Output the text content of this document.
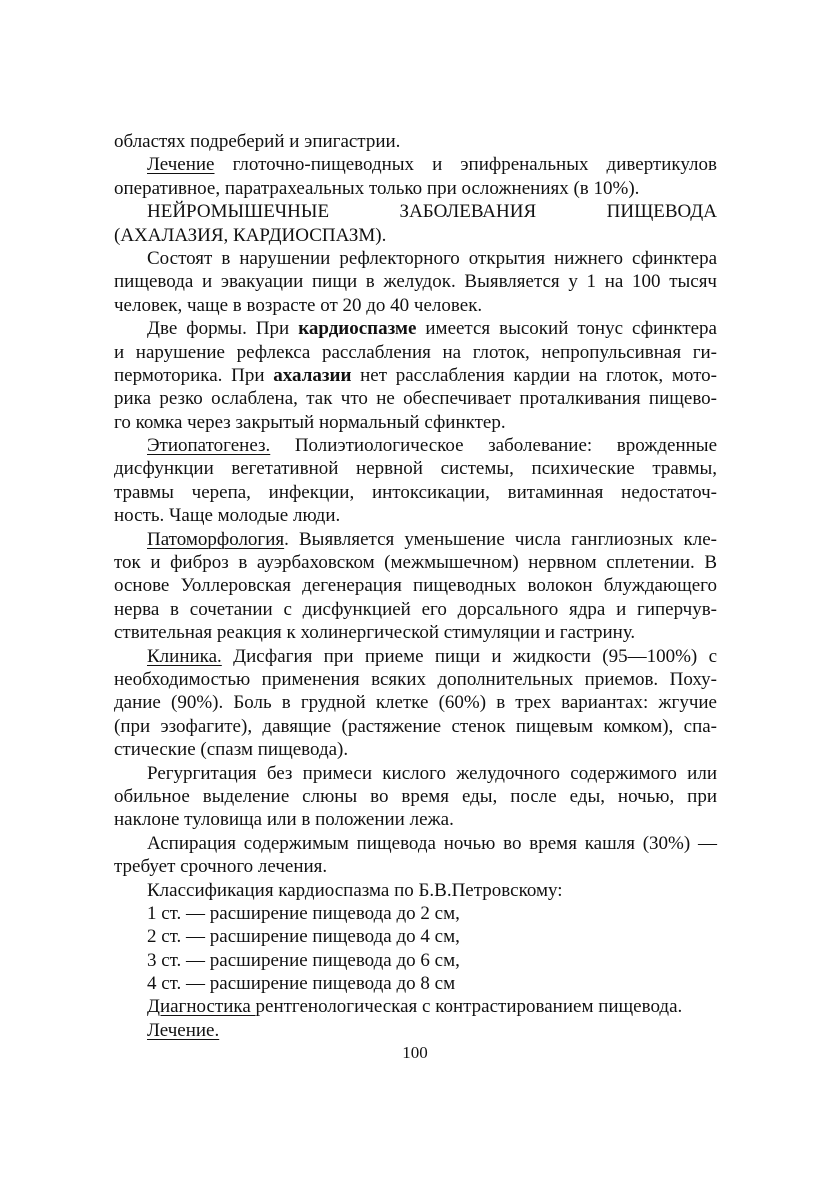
областях подреберий и эпигастрии.
Лечение глоточно-пищеводных и эпифренальных дивертикулов
оперативное, паратрахеальных только при осложнениях (в 10%).
НЕЙРОМЫШЕЧНЫЕ	ЗАБОЛЕВАНИЯ	ПИЩЕВОДА
(АХАЛАЗИЯ, КАРДИОСПАЗМ).
Состоят в нарушении рефлекторного открытия нижнего сфинктера
пищевода и эвакуации пищи в желудок. Выявляется у 1 на 100 тысяч
человек, чаще в возрасте от 20 до 40 человек.
Две формы. При кардиоспазме имеется высокий тонус сфинктера
и нарушение рефлекса расслабления на глоток, непропульсивная ги-
пермоторика. При ахалазии нет расслабления кардии на глоток, мото-
рика резко ослаблена, так что не обеспечивает проталкивания пищево-
го комка через закрытый нормальный сфинктер.
Этиопатогенез. Полиэтиологическое заболевание: врожденные
дисфункции вегетативной нервной системы, психические травмы,
травмы черепа, инфекции, интоксикации, витаминная недостаточ-
ность. Чаще молодые люди.
Патоморфология. Выявляется уменьшение числа ганглиозных кле-
ток и фиброз в ауэрбаховском (межмышечном) нервном сплетении. В
основе Уоллеровская дегенерация пищеводных волокон блуждающего
нерва в сочетании с дисфункцией его дорсального ядра и гиперчув-
ствительная реакция к холинергической стимуляции и гастрину.
Клиника. Дисфагия при приеме пищи и жидкости (95—100%) с
необходимостью применения всяких дополнительных приемов. Поху-
дание (90%). Боль в грудной клетке (60%) в трех вариантах: жгучие
(при эзофагите), давящие (растяжение стенок пищевым комком), спа-
стические (спазм пищевода).
Регургитация без примеси кислого желудочного содержимого или
обильное выделение слюны во время еды, после еды, ночью, при
наклоне туловища или в положении лежа.
Аспирация содержимым пищевода ночью во время кашля (30%) —
требует срочного лечения.
Классификация кардиоспазма по Б.В.Петровскому:
1 ст. — расширение пищевода до 2 см,
2 ст. — расширение пищевода до 4 см,
3 ст. — расширение пищевода до 6 см,
4 ст. — расширение пищевода до 8 см
Диагностика рентгенологическая с контрастированием пищевода.
Лечение.
100
